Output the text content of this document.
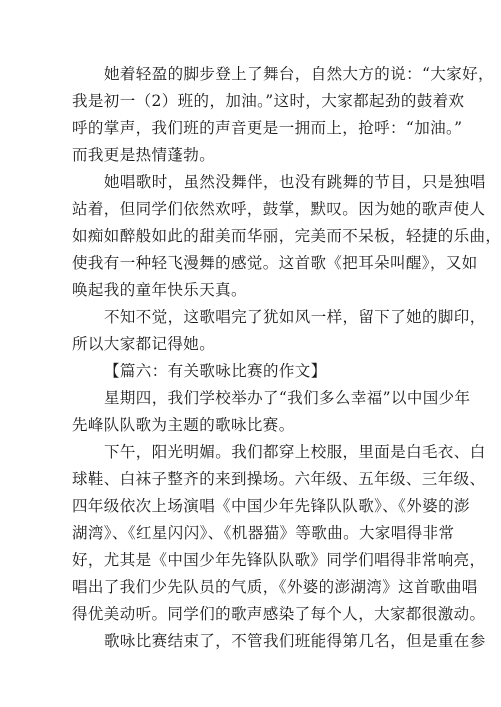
她着轻盈的脚步登上了舞台，自然大方的说：“大家好，
我是初一（2）班的，加油。”这时，大家都起劲的鼓着欢
呼的掌声，我们班的声音更是一拥而上，抢呼：“加油。”
而我更是热情蓬勃。
她唱歌时，虽然没舞伴，也没有跳舞的节目，只是独唱
站着，但同学们依然欢呼，鼓掌，默叹。因为她的歌声使人
如痴如醉般如此的甜美而华丽，完美而不呆板，轻捷的乐曲，
使我有一种轻飞漫舞的感觉。这首歌《把耳朵叫醒》，又如
唤起我的童年快乐天真。
不知不觉，这歌唱完了犹如风一样，留下了她的脚印，
所以大家都记得她。
【篇六：有关歌咏比赛的作文】
星期四，我们学校举办了“我们多么幸福”以中国少年
先峰队队歌为主题的歌咏比赛。
下午，阳光明媚。我们都穿上校服，里面是白毛衣、白
球鞋、白袜子整齐的来到操场。六年级、五年级、三年级、
四年级依次上场演唱《中国少年先锋队队歌》、《外婆的澎
湖湾》、《红星闪闪》、《机器猫》等歌曲。大家唱得非常
好，尤其是《中国少年先锋队队歌》同学们唱得非常响亮，
唱出了我们少先队员的气质，《外婆的澎湖湾》这首歌曲唱
得优美动听。同学们的歌声感染了每个人，大家都很激动。
歌咏比赛结束了，不管我们班能得第几名，但是重在参
